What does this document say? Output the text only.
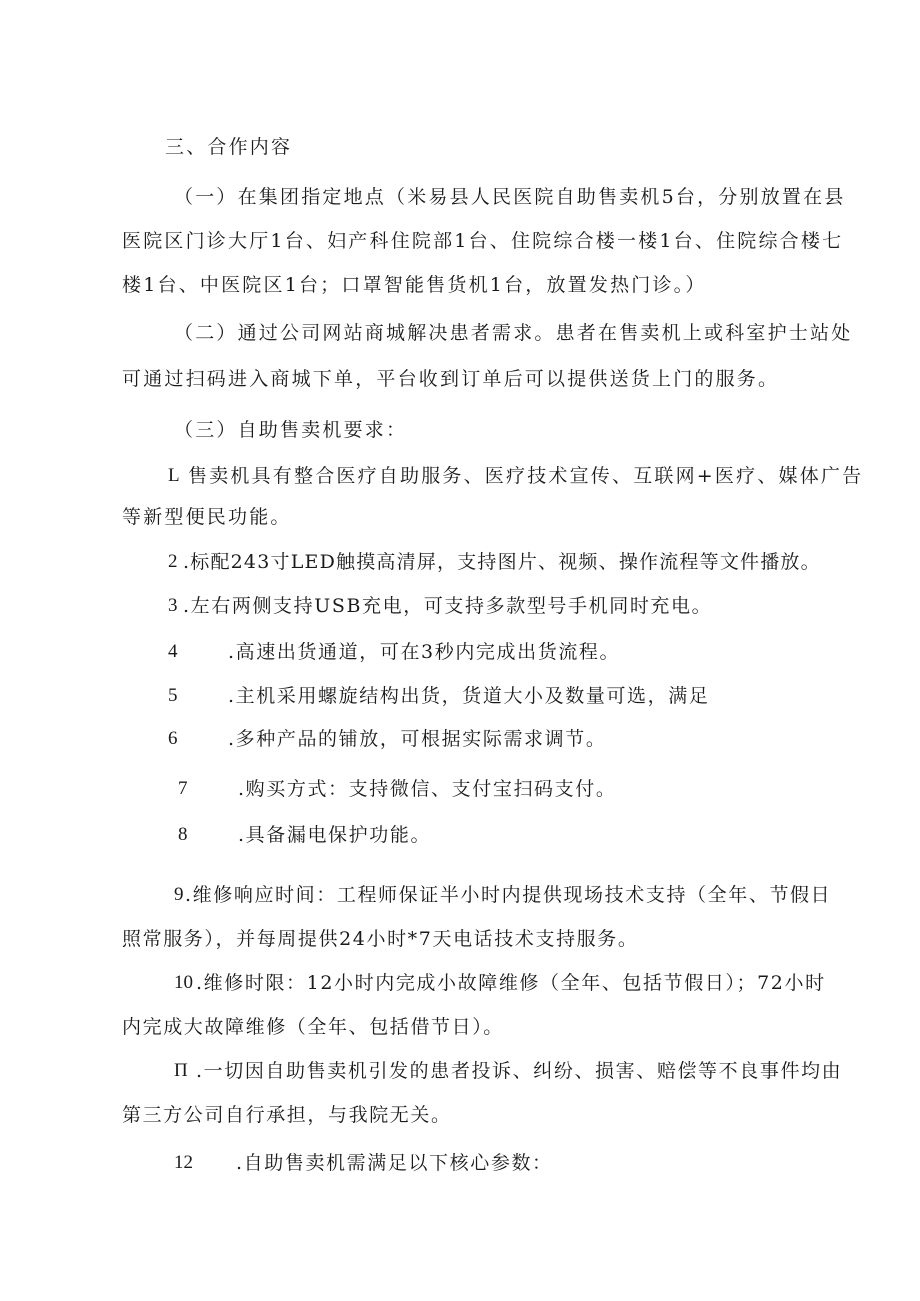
三、合作内容
（一）在集团指定地点（米易县人民医院自助售卖机5台，分别放置在县
医院区门诊大厅1台、妇产科住院部1台、住院综合楼一楼1台、住院综合楼七
楼1台、中医院区1台；口罩智能售货机1台，放置发热门诊。）
（二）通过公司网站商城解决患者需求。患者在售卖机上或科室护士站处
可通过扫码进入商城下单，平台收到订单后可以提供送货上门的服务。
（三）自助售卖机要求：
L 售卖机具有整合医疗自助服务、医疗技术宣传、互联网+医疗、媒体广告
等新型便民功能。
2 .标配243寸LED触摸高清屏，支持图片、视频、操作流程等文件播放。
3 .左右两侧支持USB充电，可支持多款型号手机同时充电。
4	.高速出货通道，可在3秒内完成出货流程。
5	.主机采用螺旋结构出货，货道大小及数量可选，满足
6	.多种产品的铺放，可根据实际需求调节。
7	.购买方式：支持微信、支付宝扫码支付。
8	.具备漏电保护功能。
9 .维修响应时间：工程师保证半小时内提供现场技术支持（全年、节假日
照常服务），并每周提供24小时*7天电话技术支持服务。
10 .维修时限：12小时内完成小故障维修（全年、包括节假日）；72小时
内完成大故障维修（全年、包括借节日）。
Π .一切因自助售卖机引发的患者投诉、纠纷、损害、赔偿等不良事件均由
第三方公司自行承担，与我院无关。
12 .自助售卖机需满足以下核心参数：
